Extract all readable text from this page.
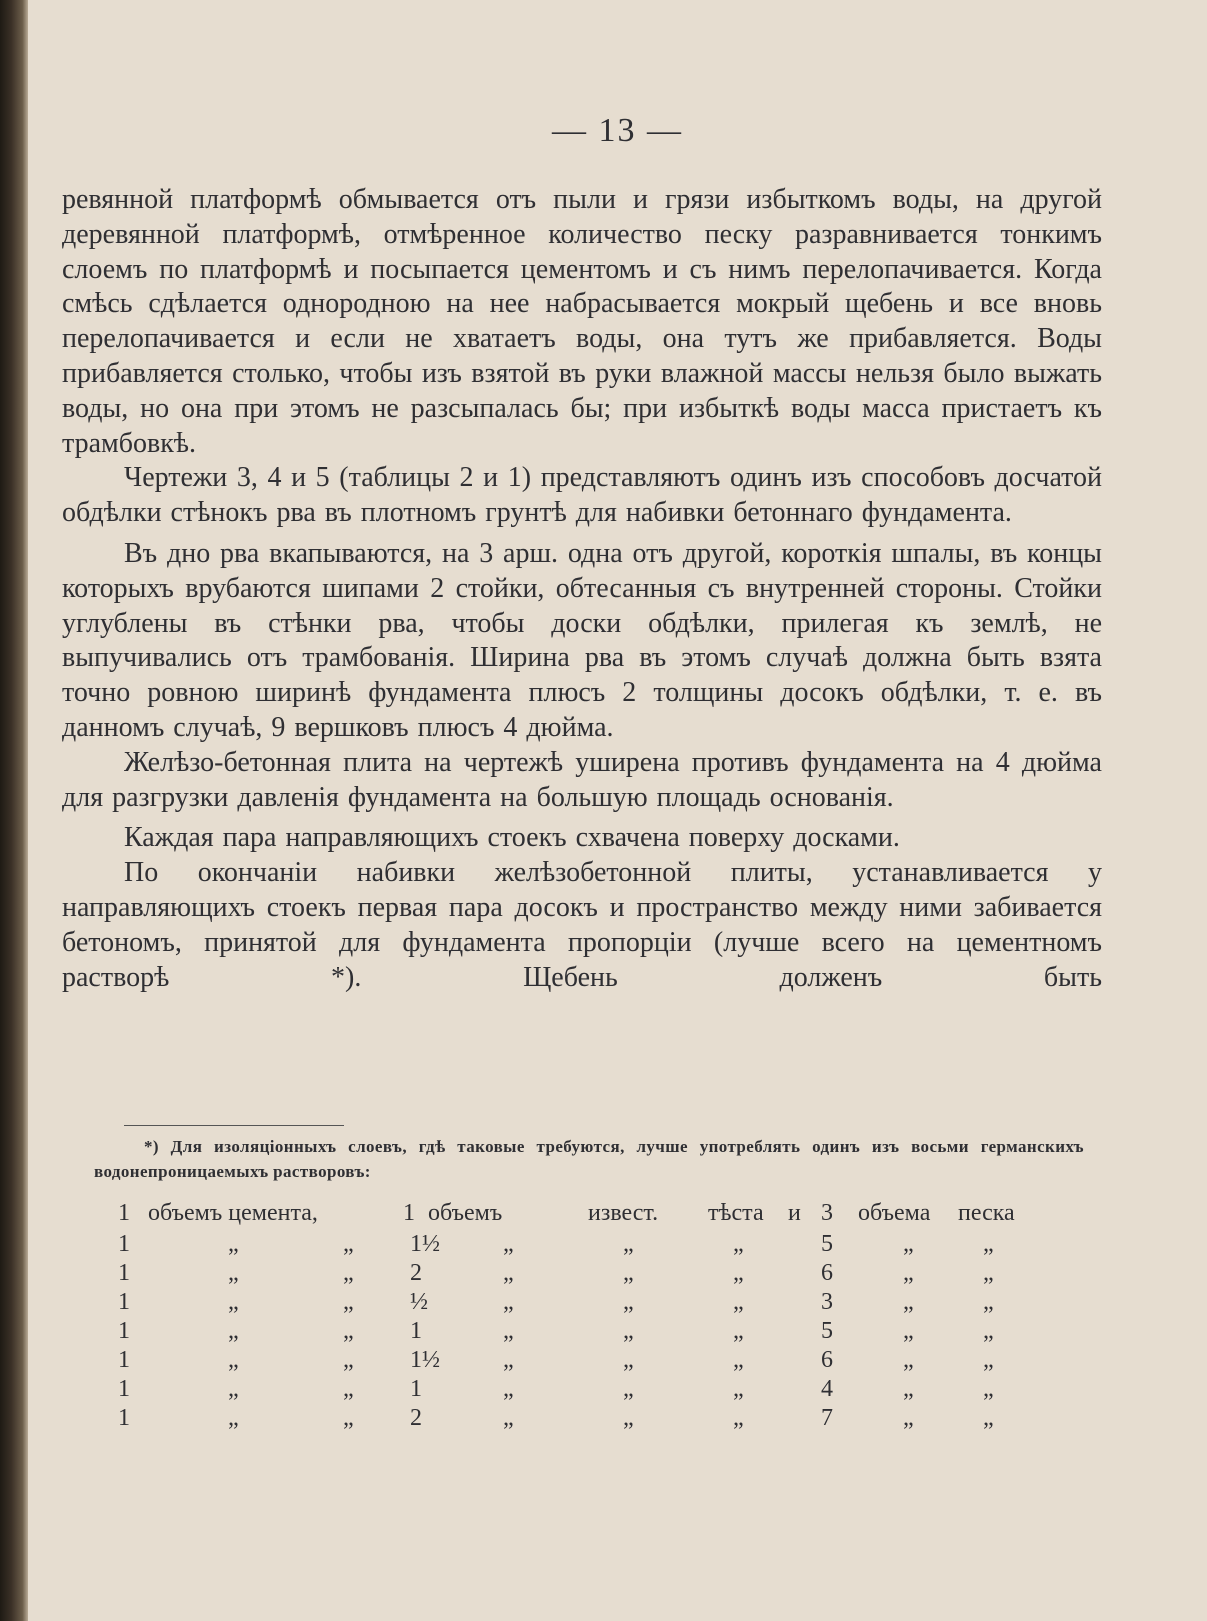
— 13 —

ревянной платформѣ обмывается отъ пыли и грязи избыткомъ воды, на другой деревянной платформѣ, отмѣренное количество песку разравнивается тонкимъ слоемъ по платформѣ и посыпается цементомъ и съ нимъ перелопачивается. Когда смѣсь сдѣлается однородною на нее набрасывается мокрый щебень и все вновь перелопачивается и если не хватаетъ воды, она тутъ же прибавляется. Воды прибавляется столько, чтобы изъ взятой въ руки влажной массы нельзя было выжать воды, но она при этомъ не разсыпалась бы; при избыткѣ воды масса пристаетъ къ трамбовкѣ.

Чертежи 3, 4 и 5 (таблицы 2 и 1) представляютъ одинъ изъ способовъ досчатой обдѣлки стѣнокъ рва въ плотномъ грунтѣ для набивки бетоннаго фундамента.

Въ дно рва вкапываются, на 3 арш. одна отъ другой, короткія шпалы, въ концы которыхъ врубаются шипами 2 стойки, обтесанныя съ внутренней стороны. Стойки углублены въ стѣнки рва, чтобы доски обдѣлки, прилегая къ землѣ, не выпучивались отъ трамбованія. Ширина рва въ этомъ случаѣ должна быть взята точно ровною ширинѣ фундамента плюсъ 2 толщины досокъ обдѣлки, т. е. въ данномъ случаѣ, 9 вершковъ плюсъ 4 дюйма.

Желѣзо-бетонная плита на чертежѣ уширена противъ фундамента на 4 дюйма для разгрузки давленія фундамента на большую площадь основанія.

Каждая пара направляющихъ стоекъ схвачена поверху досками.

По окончаніи набивки желѣзобетонной плиты, устанавливается у направляющихъ стоекъ первая пара досокъ и пространство между ними забивается бетономъ, принятой для фундамента пропорціи (лучше всего на цементномъ растворѣ *). Щебень долженъ быть

*) Для изоляціонныхъ слоевъ, гдѣ таковые требуются, лучше употреблять одинъ изъ восьми германскихъ водонепроницаемыхъ растворовъ:

1 объемъ цемента,	1 объемъ	извест. тѣста и 3 объема песка
1	„	„ 1½	„	„	„	5	„	„
1	„	„ 2	„	„	„	6	„	„
1	„	„ ½	„	„	„	3	„	„
1	„	„ 1	„	„	„	5	„	„
1	„	„ 1½	„	„	„	6	„	„
1	„	„ 1	„	„	„	4	„	„
1	„	„ 2	„	„	„	7	„	„
